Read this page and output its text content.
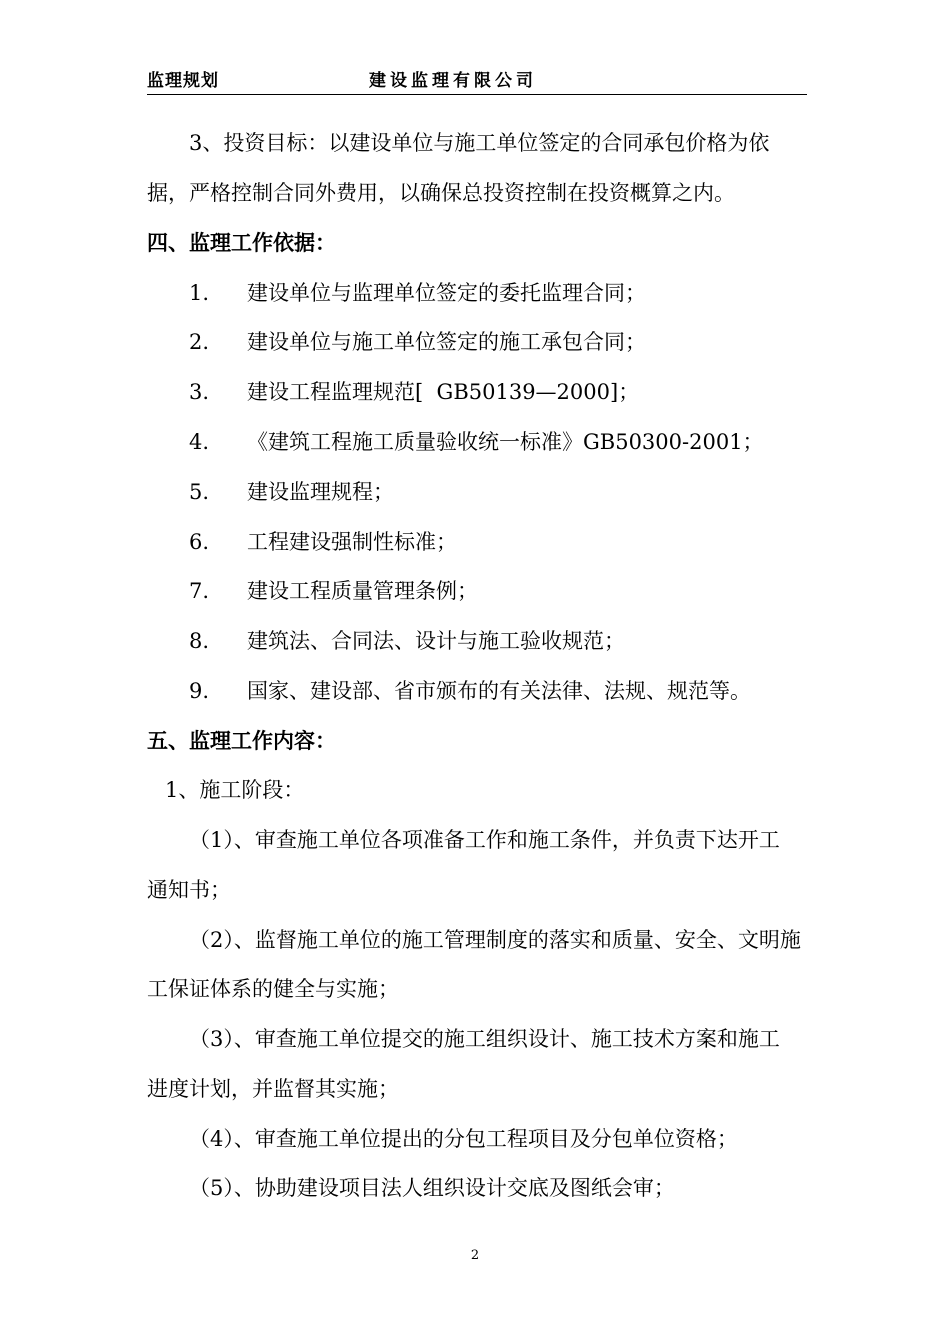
监理规划	建设监理有限公司
3、投资目标：以建设单位与施工单位签定的合同承包价格为依
据，严格控制合同外费用，以确保总投资控制在投资概算之内。
四、监理工作依据：
1. 建设单位与监理单位签定的委托监理合同；
2. 建设单位与施工单位签定的施工承包合同；
3. 建设工程监理规范[  GB50139—2000]；
4. 《建筑工程施工质量验收统一标准》GB50300-2001；
5. 建设监理规程；
6. 工程建设强制性标准；
7. 建设工程质量管理条例；
8. 建筑法、合同法、设计与施工验收规范；
9. 国家、建设部、省市颁布的有关法律、法规、规范等。
五、监理工作内容：
1、施工阶段：
（1）、审查施工单位各项准备工作和施工条件，并负责下达开工
通知书；
（2）、监督施工单位的施工管理制度的落实和质量、安全、文明施
工保证体系的健全与实施；
（3）、审查施工单位提交的施工组织设计、施工技术方案和施工
进度计划，并监督其实施；
（4）、审查施工单位提出的分包工程项目及分包单位资格；
（5）、协助建设项目法人组织设计交底及图纸会审；
2
